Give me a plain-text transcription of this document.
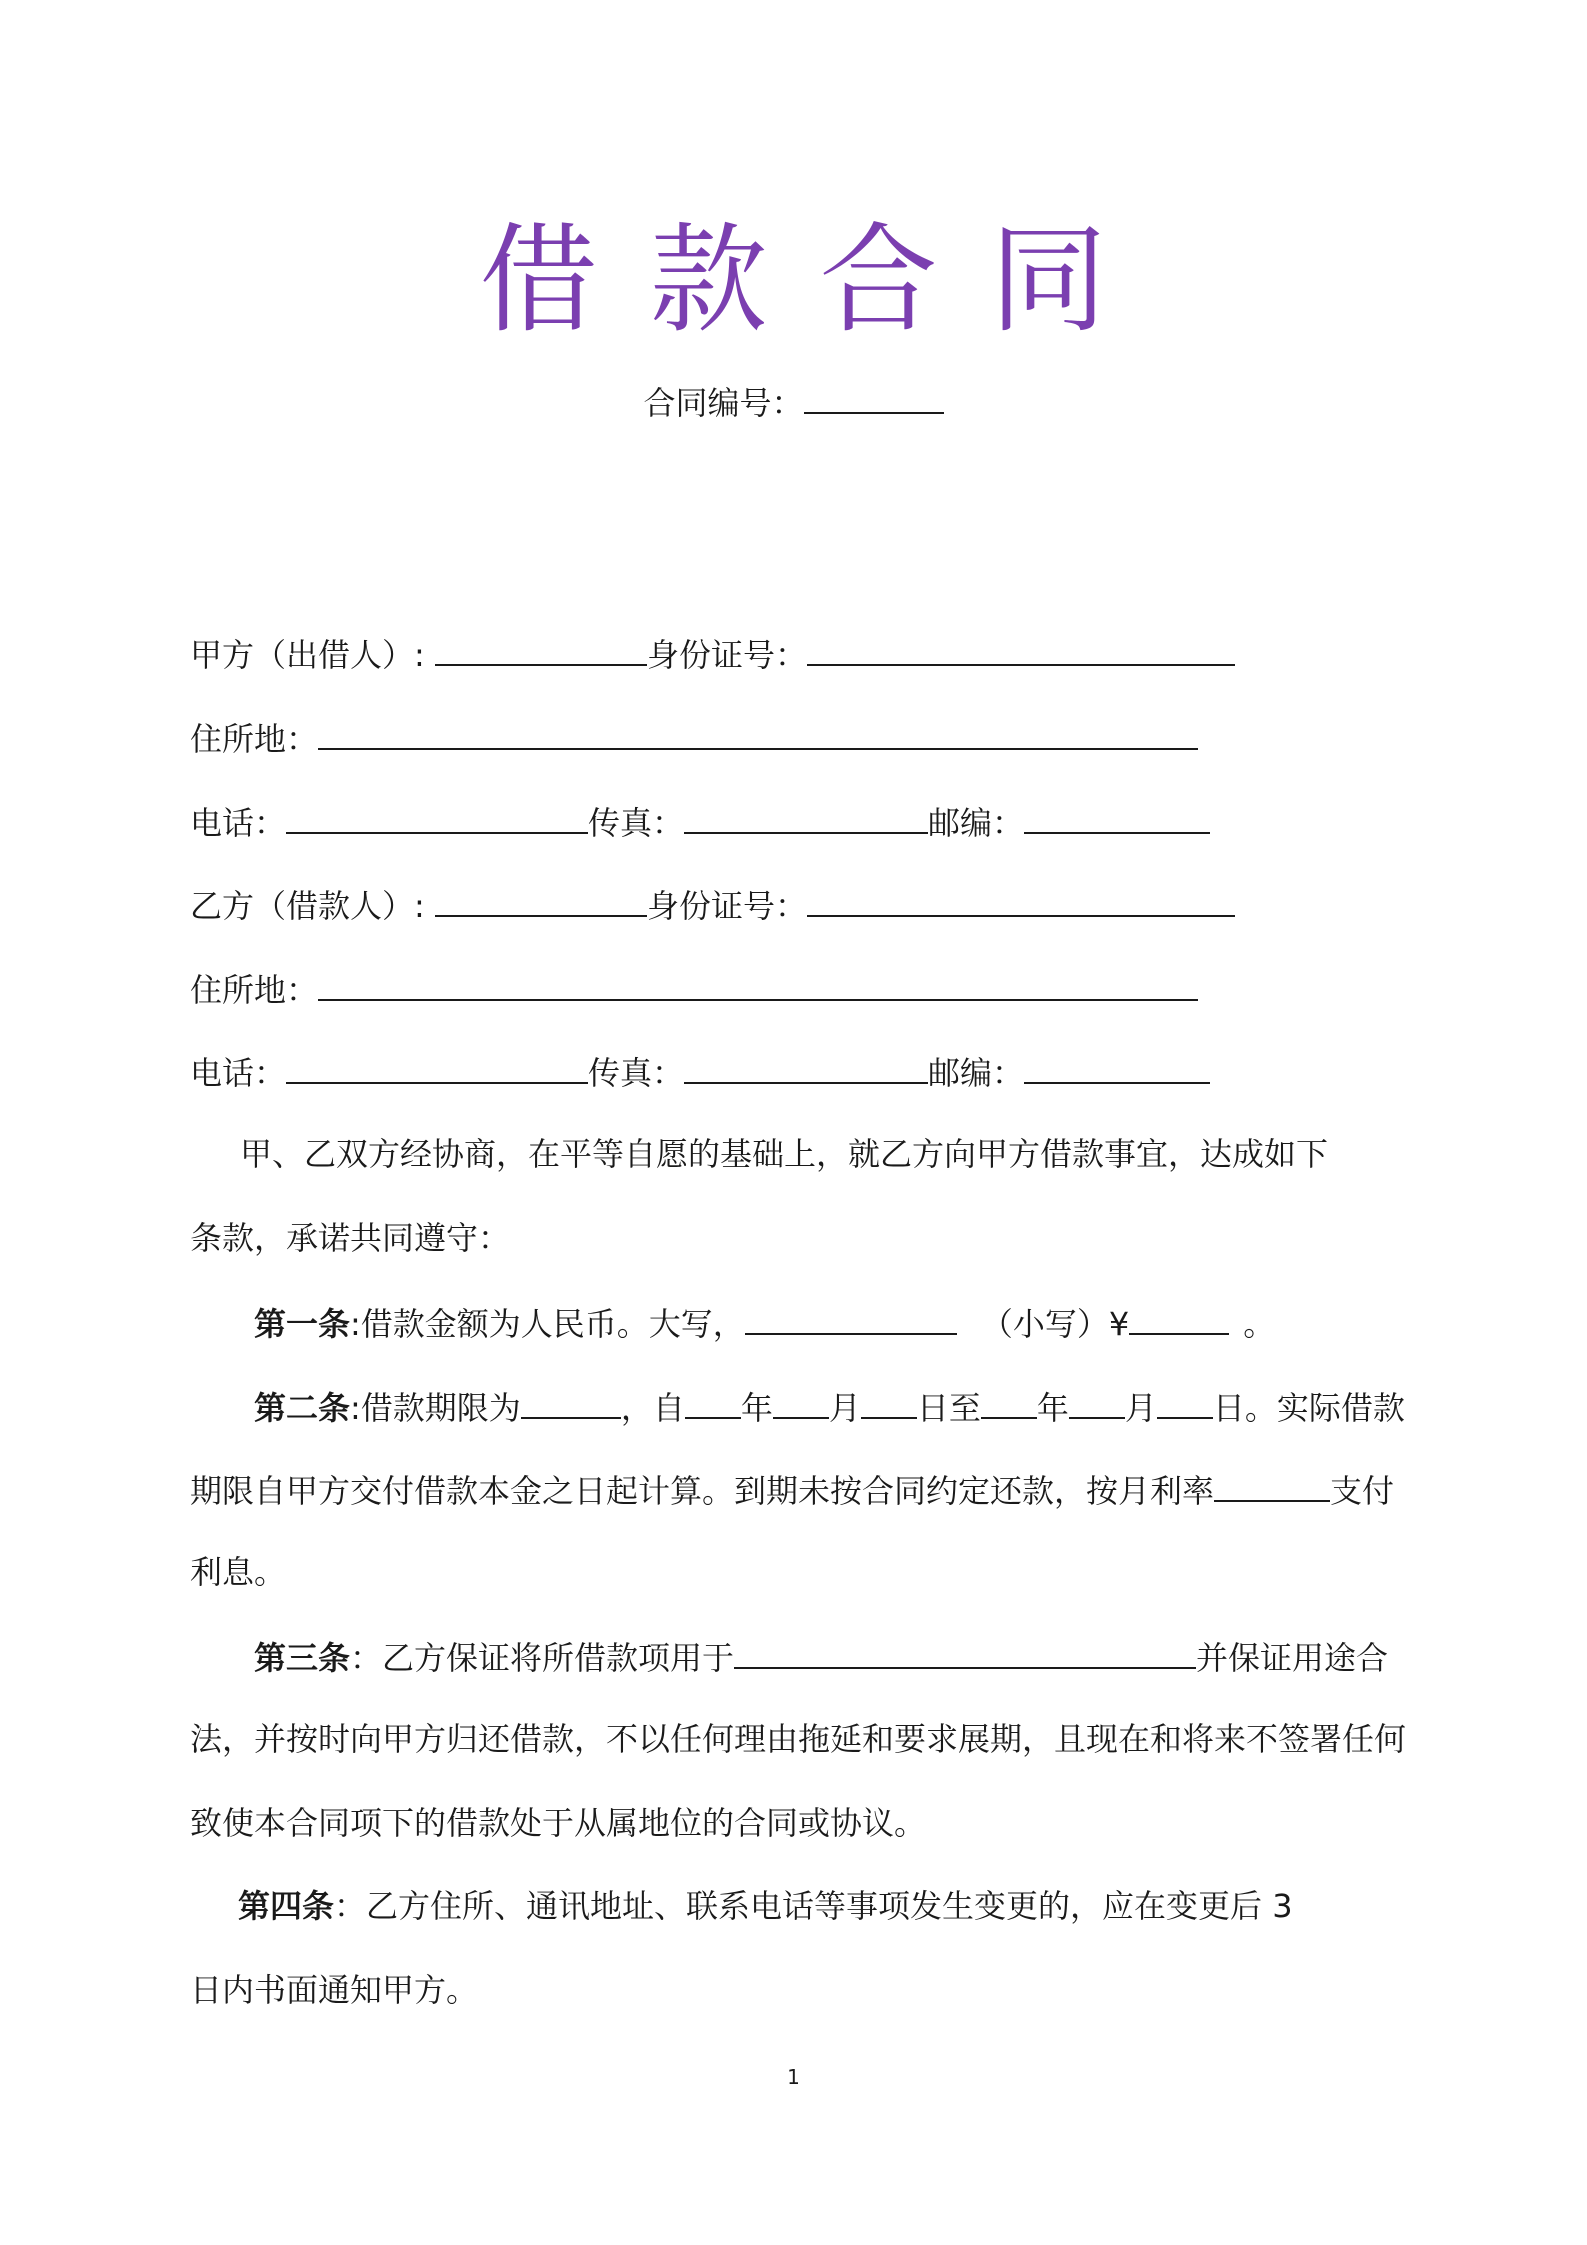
借款合同
合同编号：
甲方（出借人）:	身份证号：
住所地：
电话：	传真：	邮编：
乙方（借款人）:	身份证号：
住所地：
电话：	传真：	邮编：
甲、乙双方经协商，在平等自愿的基础上，就乙方向甲方借款事宜，达成如下
条款，承诺共同遵守：
第一条:借款金额为人民币。大写，	（小写）¥	。
第二条:借款期限为	，自 年 月 日至 年 月 日。实际借款
期限自甲方交付借款本金之日起计算。到期未按合同约定还款，按月利率	支付
利息。
第三条：乙方保证将所借款项用于	并保证用途合
法，并按时向甲方归还借款，不以任何理由拖延和要求展期，且现在和将来不签署任何
致使本合同项下的借款处于从属地位的合同或协议。
第四条：乙方住所、通讯地址、联系电话等事项发生变更的，应在变更后 3
日内书面通知甲方。
1
